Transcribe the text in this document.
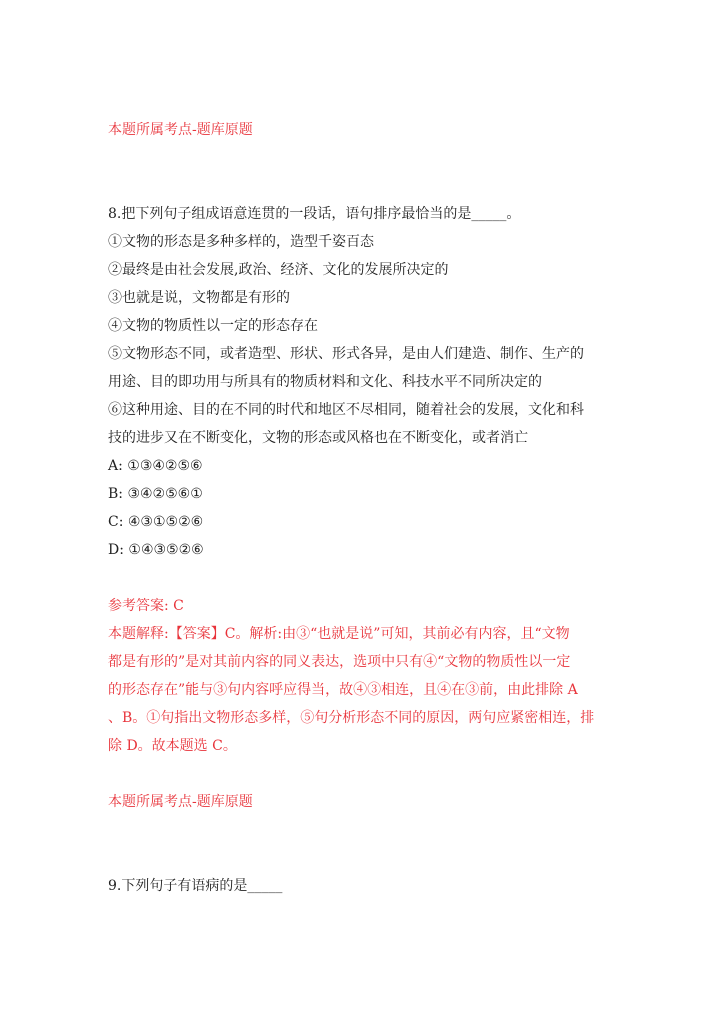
本题所属考点-题库原题
8.把下列句子组成语意连贯的一段话，语句排序最恰当的是_____。
①文物的形态是多种多样的，造型千姿百态
②最终是由社会发展,政治、经济、文化的发展所决定的
③也就是说，文物都是有形的
④文物的物质性以一定的形态存在
⑤文物形态不同，或者造型、形状、形式各异，是由人们建造、制作、生产的
用途、目的即功用与所具有的物质材料和文化、科技水平不同所决定的
⑥这种用途、目的在不同的时代和地区不尽相同，随着社会的发展，文化和科
技的进步又在不断变化，文物的形态或风格也在不断变化，或者消亡
A: ①③④②⑤⑥
B: ③④②⑤⑥①
C: ④③①⑤②⑥
D: ①④③⑤②⑥
参考答案: C
本题解释:【答案】C。解析:由③“也就是说”可知，其前必有内容，且“文物
都是有形的”是对其前内容的同义表达，选项中只有④“文物的物质性以一定
的形态存在”能与③句内容呼应得当，故④③相连，且④在③前，由此排除 A
、B。①句指出文物形态多样，⑤句分析形态不同的原因，两句应紧密相连，排
除 D。故本题选 C。
本题所属考点-题库原题
9.下列句子有语病的是_____
